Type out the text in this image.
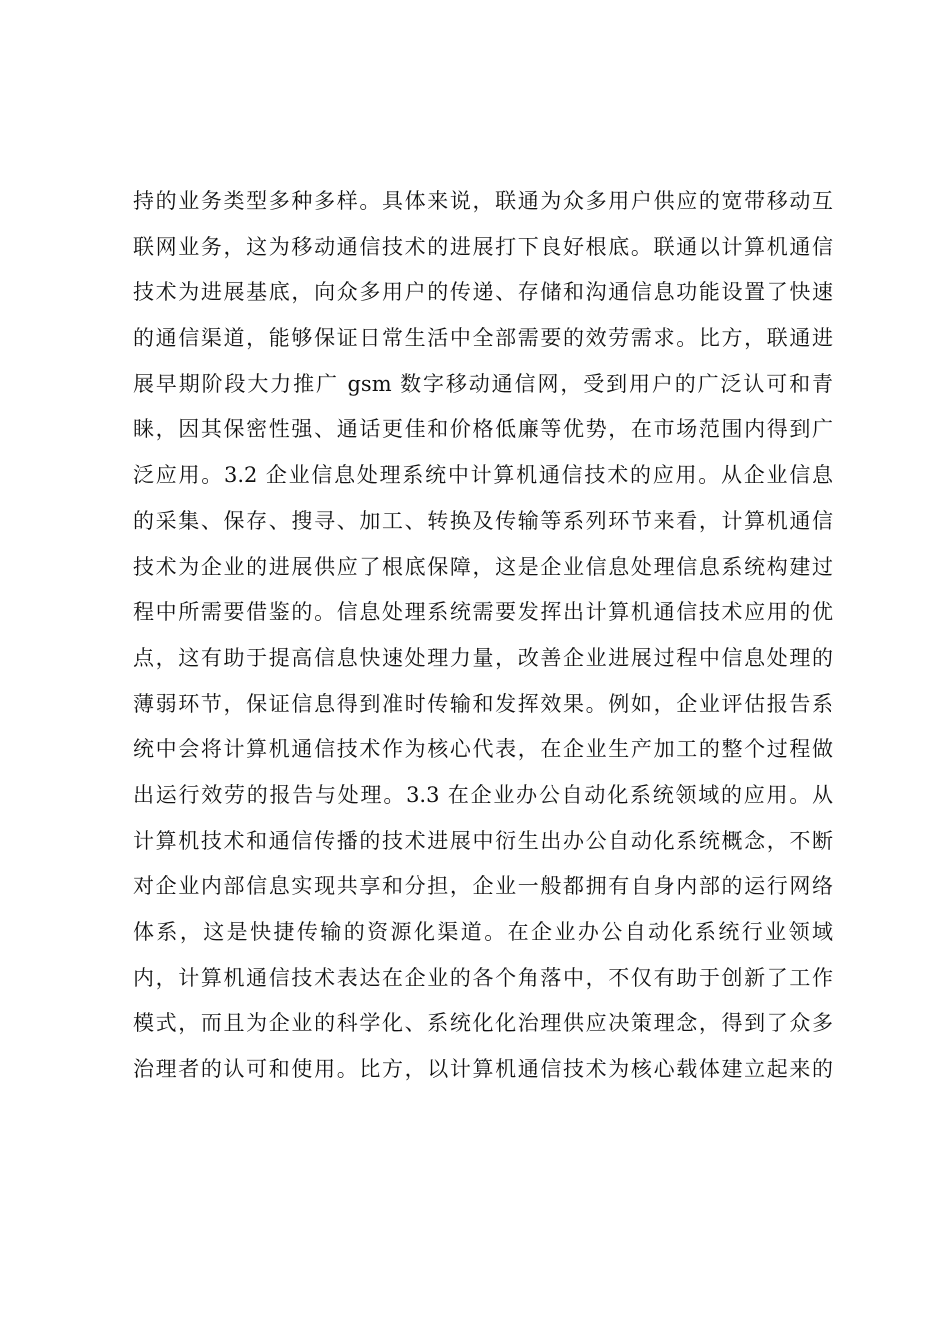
持的业务类型多种多样。具体来说，联通为众多用户供应的宽带移动互
联网业务，这为移动通信技术的进展打下良好根底。联通以计算机通信
技术为进展基底，向众多用户的传递、存储和沟通信息功能设置了快速
的通信渠道，能够保证日常生活中全部需要的效劳需求。比方，联通进
展早期阶段大力推广 gsm 数字移动通信网，受到用户的广泛认可和青
睐，因其保密性强、通话更佳和价格低廉等优势，在市场范围内得到广
泛应用。3.2 企业信息处理系统中计算机通信技术的应用。从企业信息
的采集、保存、搜寻、加工、转换及传输等系列环节来看，计算机通信
技术为企业的进展供应了根底保障，这是企业信息处理信息系统构建过
程中所需要借鉴的。信息处理系统需要发挥出计算机通信技术应用的优
点，这有助于提高信息快速处理力量，改善企业进展过程中信息处理的
薄弱环节，保证信息得到准时传输和发挥效果。例如，企业评估报告系
统中会将计算机通信技术作为核心代表，在企业生产加工的整个过程做
出运行效劳的报告与处理。3.3 在企业办公自动化系统领域的应用。从
计算机技术和通信传播的技术进展中衍生出办公自动化系统概念，不断
对企业内部信息实现共享和分担，企业一般都拥有自身内部的运行网络
体系，这是快捷传输的资源化渠道。在企业办公自动化系统行业领域
内，计算机通信技术表达在企业的各个角落中，不仅有助于创新了工作
模式，而且为企业的科学化、系统化化治理供应决策理念，得到了众多
治理者的认可和使用。比方，以计算机通信技术为核心载体建立起来的
